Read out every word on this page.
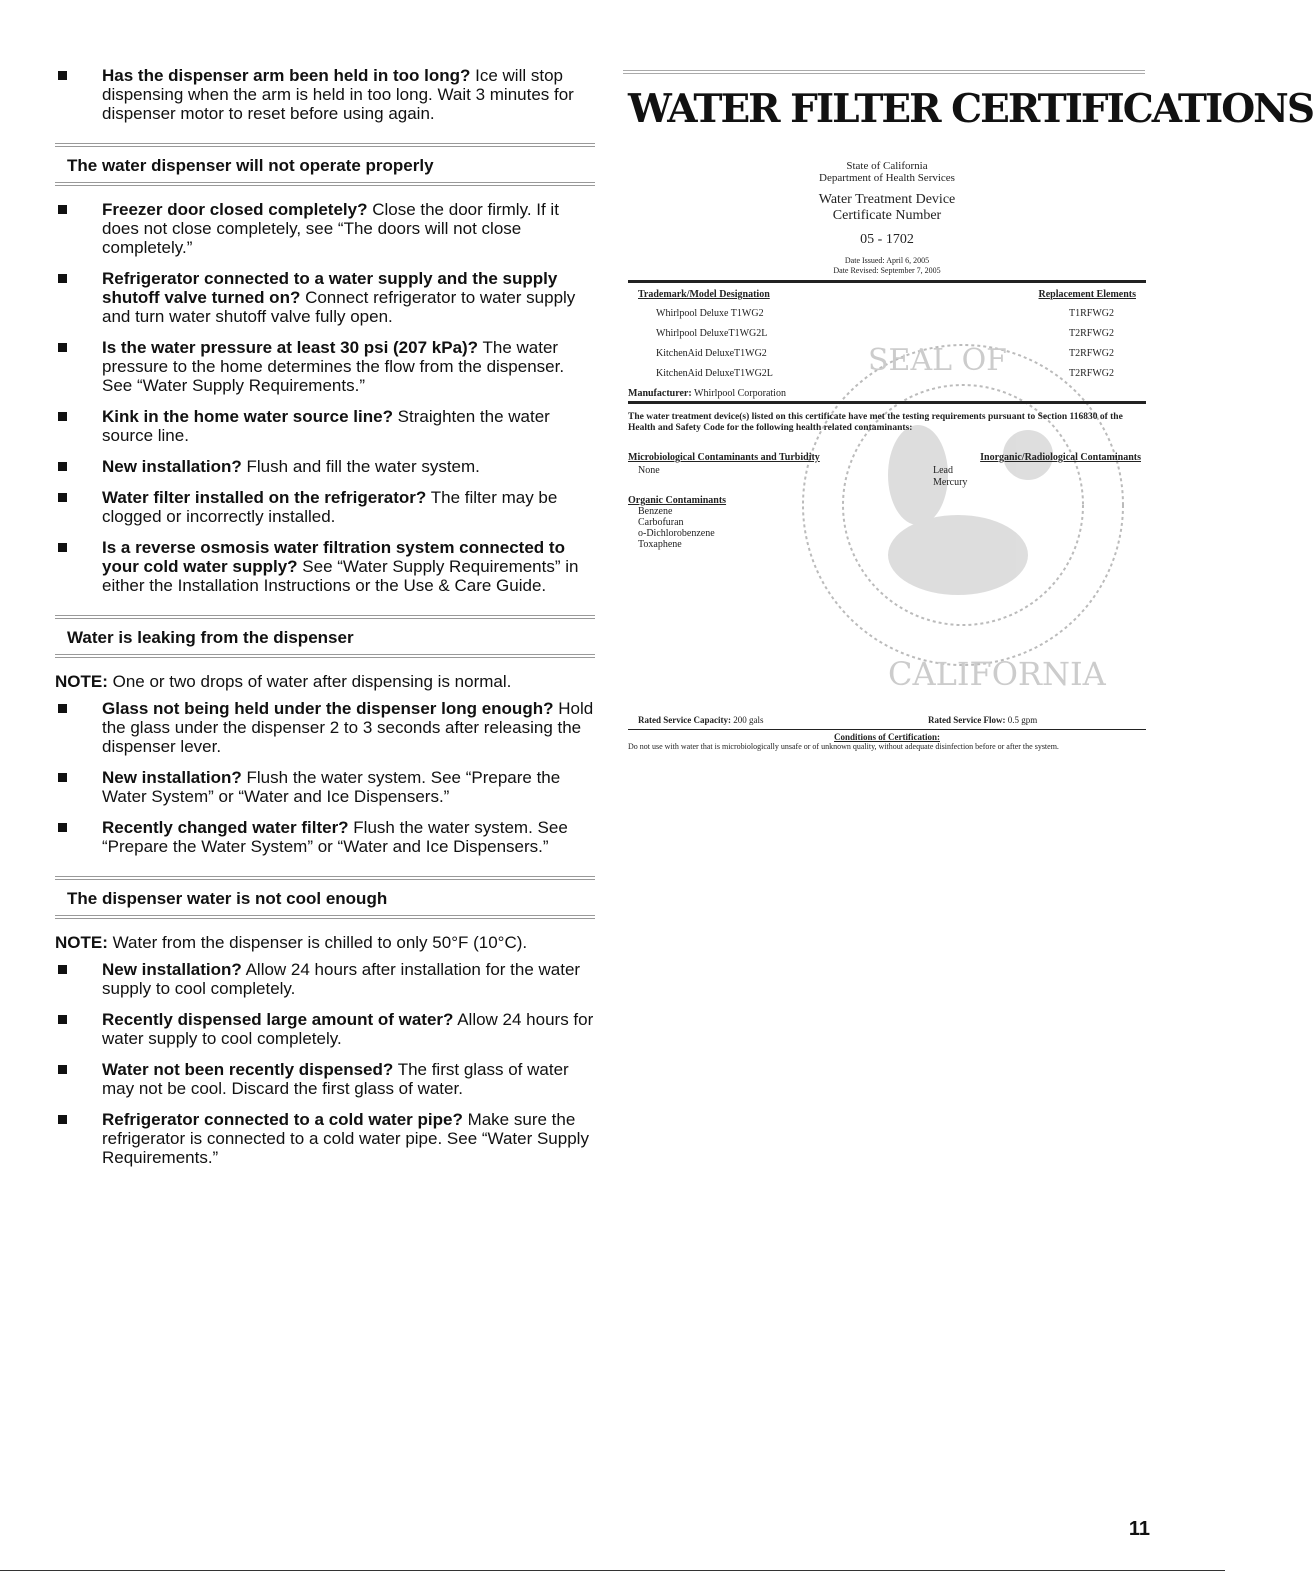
Has the dispenser arm been held in too long? Ice will stop dispensing when the arm is held in too long. Wait 3 minutes for dispenser motor to reset before using again.
The water dispenser will not operate properly
Freezer door closed completely? Close the door firmly. If it does not close completely, see “The doors will not close completely.”
Refrigerator connected to a water supply and the supply shutoff valve turned on? Connect refrigerator to water supply and turn water shutoff valve fully open.
Is the water pressure at least 30 psi (207 kPa)? The water pressure to the home determines the flow from the dispenser. See “Water Supply Requirements.”
Kink in the home water source line? Straighten the water source line.
New installation? Flush and fill the water system.
Water filter installed on the refrigerator? The filter may be clogged or incorrectly installed.
Is a reverse osmosis water filtration system connected to your cold water supply? See “Water Supply Requirements” in either the Installation Instructions or the Use & Care Guide.
Water is leaking from the dispenser
NOTE: One or two drops of water after dispensing is normal.
Glass not being held under the dispenser long enough? Hold the glass under the dispenser 2 to 3 seconds after releasing the dispenser lever.
New installation? Flush the water system. See “Prepare the Water System” or “Water and Ice Dispensers.”
Recently changed water filter? Flush the water system. See “Prepare the Water System” or “Water and Ice Dispensers.”
The dispenser water is not cool enough
NOTE: Water from the dispenser is chilled to only 50°F (10°C).
New installation? Allow 24 hours after installation for the water supply to cool completely.
Recently dispensed large amount of water? Allow 24 hours for water supply to cool completely.
Water not been recently dispensed? The first glass of water may not be cool. Discard the first glass of water.
Refrigerator connected to a cold water pipe? Make sure the refrigerator is connected to a cold water pipe. See “Water Supply Requirements.”
WATER FILTER CERTIFICATIONS
SEAL OF
CALIFORNIA
State of California
Department of Health Services
Water Treatment Device
Certificate Number
05 - 1702
Date Issued: April 6, 2005
Date Revised: September 7, 2005
Trademark/Model Designation	Replacement Elements
Whirlpool Deluxe T1WG2	T1RFWG2
Whirlpool DeluxeT1WG2L	T2RFWG2
KitchenAid DeluxeT1WG2	T2RFWG2
KitchenAid DeluxeT1WG2L	T2RFWG2
Manufacturer: Whirlpool Corporation
The water treatment device(s) listed on this certificate have met the testing requirements pursuant to Section 116830 of the Health and Safety Code for the following health related contaminants:
Microbiological Contaminants and Turbidity	Inorganic/Radiological Contaminants
None	Lead
Mercury
Organic Contaminants
Benzene
Carbofuran
o-Dichlorobenzene
Toxaphene
Rated Service Capacity: 200 gals	Rated Service Flow: 0.5 gpm
Conditions of Certification:
Do not use with water that is microbiologically unsafe or of unknown quality, without adequate disinfection before or after the system.
11
